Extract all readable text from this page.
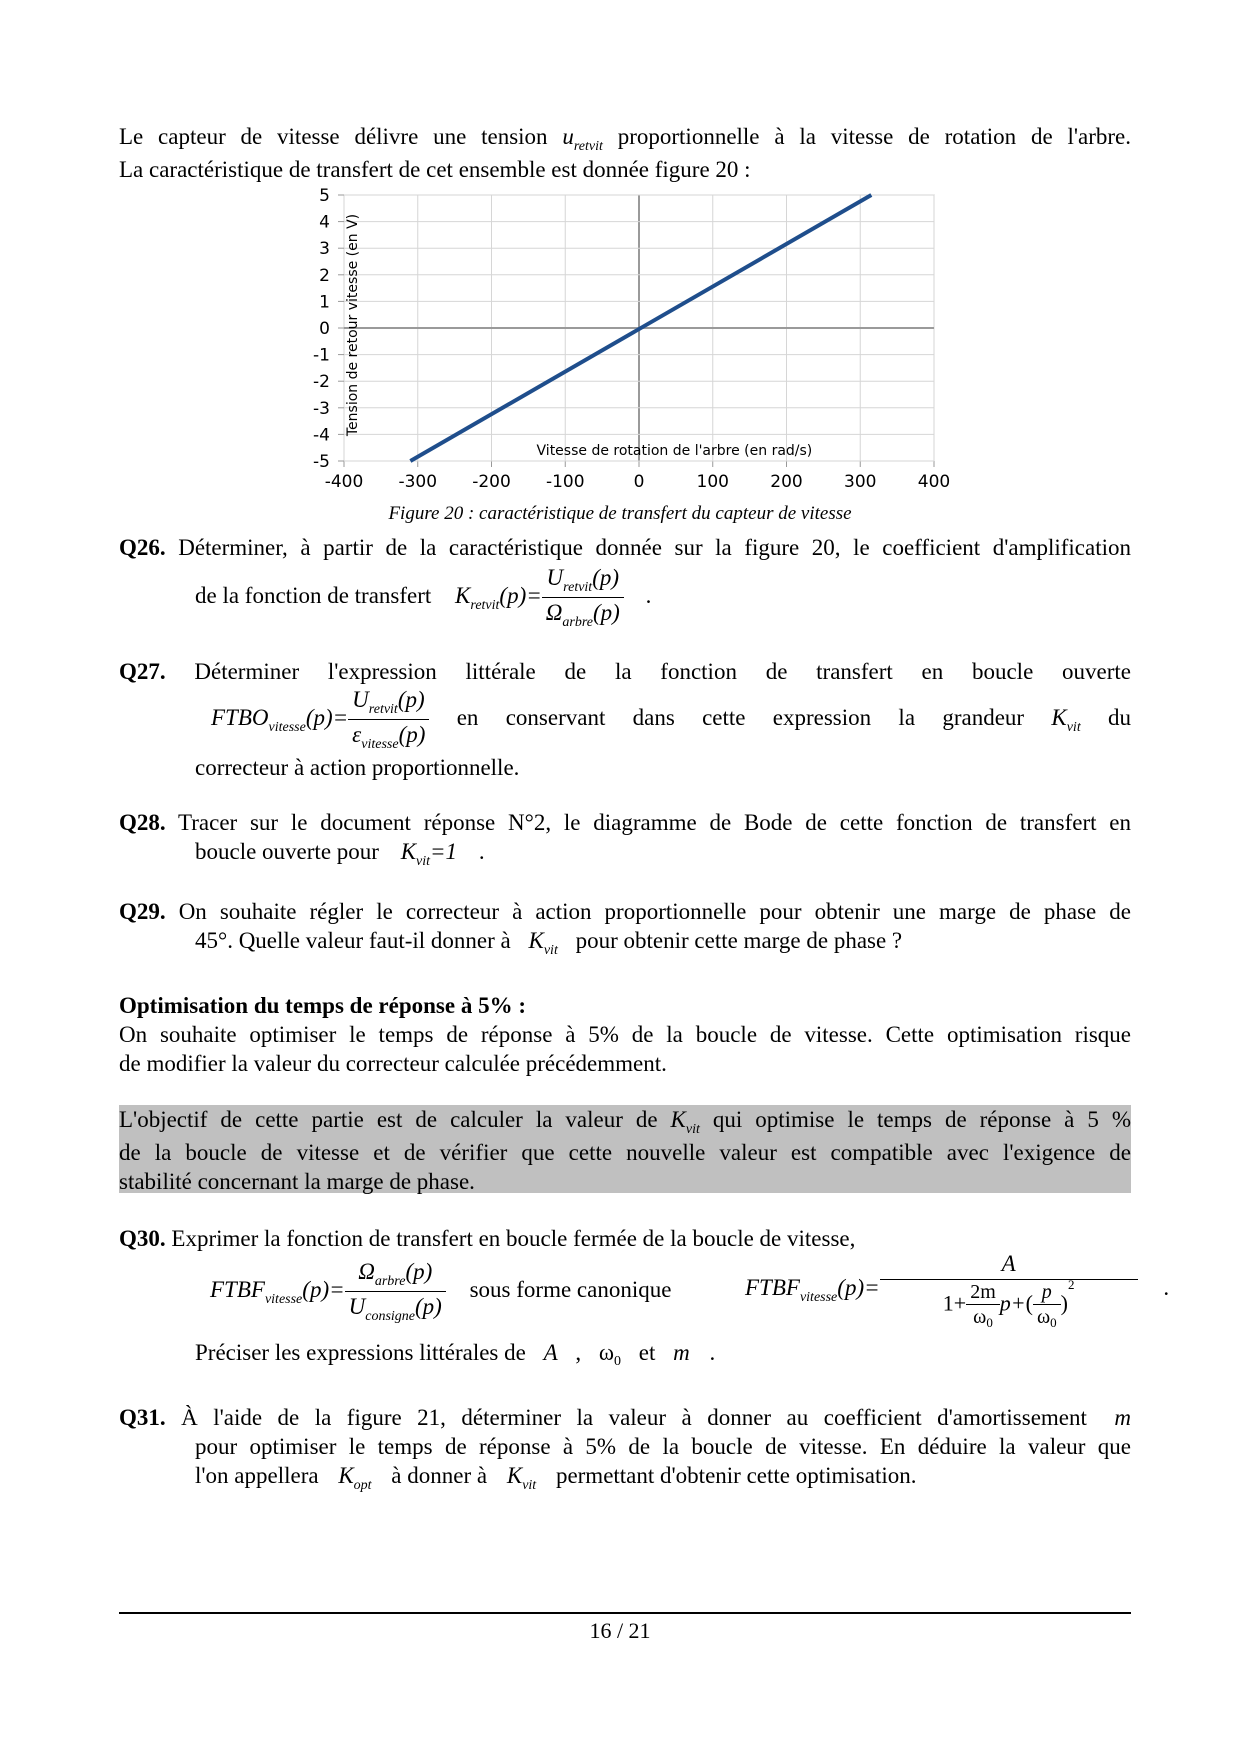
Le capteur de vitesse délivre une tension $u_{retvit}$ proportionnelle à la vitesse de rotation de l'arbre.
La caractéristique de transfert de cet ensemble est donnée figure 20 :
-400 -300 -200 -100	0	100 200 300 400
5
4
3
2
1
0
-1
-2
-3
-4
-5
Vitesse de rotation de l'arbre (en rad/s)
Tension de retour vitesse (en V)
Figure 20 : caractéristique de transfert du capteur de vitesse
Q26. Déterminer, à partir de la caractéristique donnée sur la figure 20, le coefficient d'amplification
de la fonction de transfert $K_{retvit}(p)= \frac{U_{retvit}(p)}{\Omega_{arbre}(p)}$ .
Q27. Déterminer l'expression littérale de la fonction de transfert en boucle ouverte
$FTBO_{vitesse}(p)= \frac{U_{retvit}(p)}{\varepsilon_{vitesse}(p)}$ en conservant dans cette expression la grandeur $K_{vit}$ du
correcteur à action proportionnelle.
Q28. Tracer sur le document réponse N°2, le diagramme de Bode de cette fonction de transfert en
boucle ouverte pour $K_{vit}=1$ .
Q29. On souhaite régler le correcteur à action proportionnelle pour obtenir une marge de phase de
45°. Quelle valeur faut-il donner à $K_{vit}$ pour obtenir cette marge de phase ?
Optimisation du temps de réponse à 5% :
On souhaite optimiser le temps de réponse à 5% de la boucle de vitesse. Cette optimisation risque
de modifier la valeur du correcteur calculée précédemment.
L'objectif de cette partie est de calculer la valeur de $K_{vit}$ qui optimise le temps de réponse à 5 %
de la boucle de vitesse et de vérifier que cette nouvelle valeur est compatible avec l'exigence de
stabilité concernant la marge de phase.
Q30. Exprimer la fonction de transfert en boucle fermée de la boucle de vitesse,
$FTBF_{vitesse}(p)= \frac{\Omega_{arbre}(p)}{U_{consigne}(p)}$ sous forme canonique	$FTBF_{vitesse}(p)= \frac{A}{1+ \frac{2m}{\omega_0} p+( \frac{p}{\omega_0} )^2}$ .
Préciser les expressions littérales de A , $\omega_0$ et m .
Q31. À l'aide de la figure 21, déterminer la valeur à donner au coefficient d'amortissement m
pour optimiser le temps de réponse à 5% de la boucle de vitesse. En déduire la valeur que
l'on appellera $K_{opt}$ à donner à $K_{vit}$ permettant d'obtenir cette optimisation.
16 / 21
